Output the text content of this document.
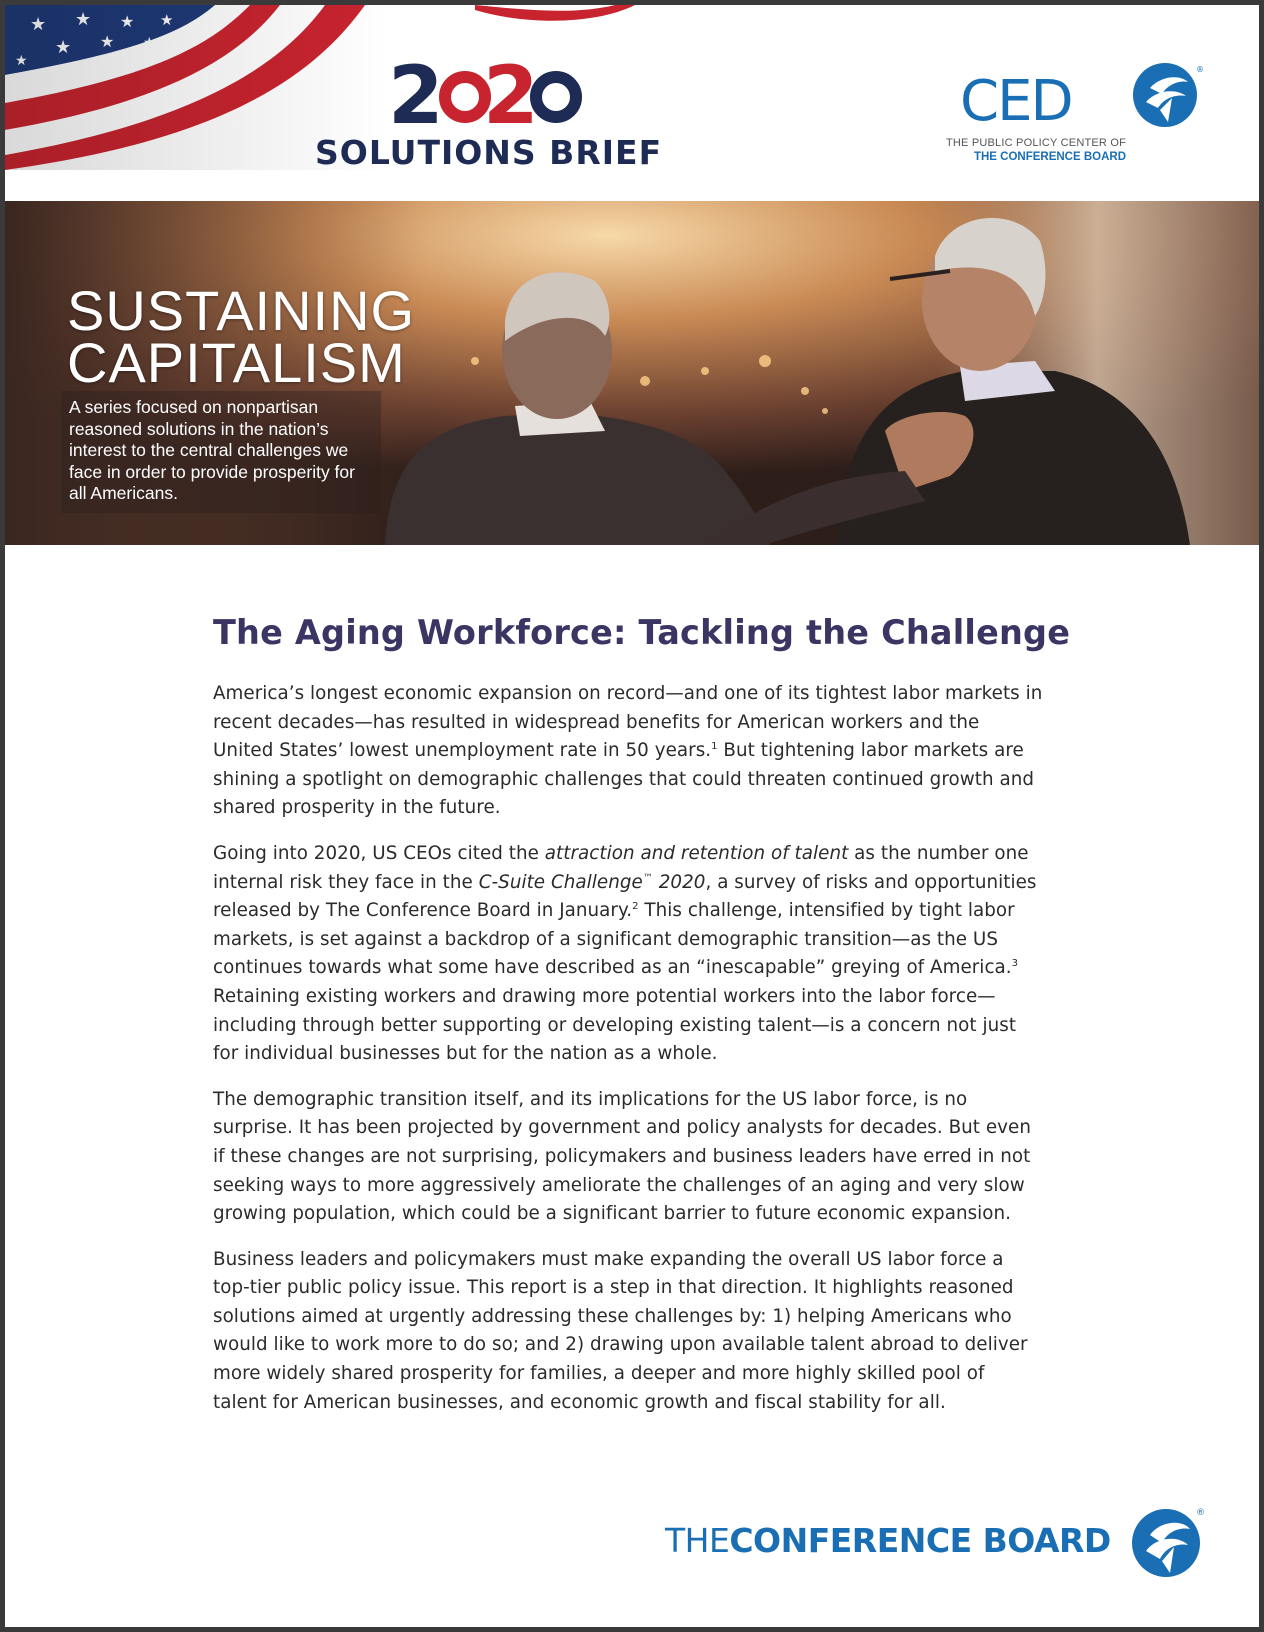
2 2
SOLUTIONS BRIEF
CED	®
THE PUBLIC POLICY CENTER OF
THE CONFERENCE BOARD
SUSTAINING
CAPITALISM
A series focused on nonpartisan reasoned solutions in the nation’s interest to the central challenges we face in order to provide prosperity for all Americans.
The Aging Workforce: Tackling the Challenge

America’s longest economic expansion on record—and one of its tightest labor markets in recent decades—has resulted in widespread benefits for American workers and the United States’ lowest unemployment rate in 50 years.$^1$ But tightening labor markets are shining a spotlight on demographic challenges that could threaten continued growth and shared prosperity in the future.

Going into 2020, US CEOs cited the attraction and retention of talent as the number one internal risk they face in the C-Suite Challenge™ 2020, a survey of risks and opportunities released by The Conference Board in January.$^2$ This challenge, intensified by tight labor markets, is set against a backdrop of a significant demographic transition—as the US continues towards what some have described as an “inescapable” greying of America.$^3$ Retaining existing workers and drawing more potential workers into the labor force—including through better supporting or developing existing talent—is a concern not just for individual businesses but for the nation as a whole.

The demographic transition itself, and its implications for the US labor force, is no surprise. It has been projected by government and policy analysts for decades. But even if these changes are not surprising, policymakers and business leaders have erred in not seeking ways to more aggressively ameliorate the challenges of an aging and very slow growing population, which could be a significant barrier to future economic expansion.

Business leaders and policymakers must make expanding the overall US labor force a top-tier public policy issue. This report is a step in that direction. It highlights reasoned solutions aimed at urgently addressing these challenges by: 1) helping Americans who would like to work more to do so; and 2) drawing upon available talent abroad to deliver more widely shared prosperity for families, a deeper and more highly skilled pool of talent for American businesses, and economic growth and fiscal stability for all.

THECONFERENCE BOARD
®
